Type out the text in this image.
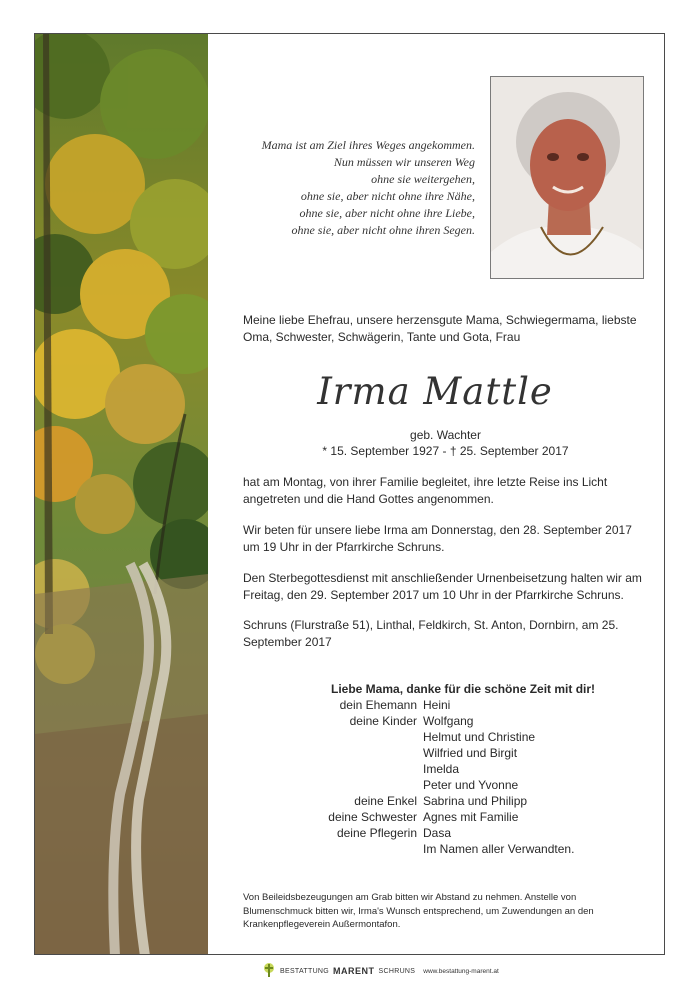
Mama ist am Ziel ihres Weges angekommen.
Nun müssen wir unseren Weg
ohne sie weitergehen,
ohne sie, aber nicht ohne ihre Nähe,
ohne sie, aber nicht ohne ihre Liebe,
ohne sie, aber nicht ohne ihren Segen.
Meine liebe Ehefrau, unsere herzensgute Mama, Schwiegermama, liebste Oma, Schwester, Schwägerin, Tante und Gota, Frau
Irma Mattle
geb. Wachter
* 15. September 1927 - † 25. September 2017
hat am Montag, von ihrer Familie begleitet, ihre letzte Reise ins Licht angetreten und die Hand Gottes angenommen.
Wir beten für unsere liebe Irma am Donnerstag, den 28. September 2017 um 19 Uhr in der Pfarrkirche Schruns.
Den Sterbegottesdienst mit anschließender Urnenbeisetzung halten wir am Freitag, den 29. September 2017 um 10 Uhr in der Pfarrkirche Schruns.
Schruns (Flurstraße 51), Linthal, Feldkirch, St. Anton, Dornbirn, am 25. September 2017
Liebe Mama, danke für die schöne Zeit mit dir!
dein Ehemann Heini
deine Kinder Wolfgang
Helmut und Christine
Wilfried und Birgit
Imelda
Peter und Yvonne
deine Enkel Sabrina und Philipp
deine Schwester Agnes mit Familie
deine Pflegerin Dasa
Im Namen aller Verwandten.
Von Beileidsbezeugungen am Grab bitten wir Abstand zu nehmen. Anstelle von Blumenschmuck bitten wir, Irma's Wunsch entsprechend, um Zuwendungen an den Krankenpflegeverein Außermontafon.
BESTATTUNG MARENT SCHRUNS www.bestattung-marent.at
